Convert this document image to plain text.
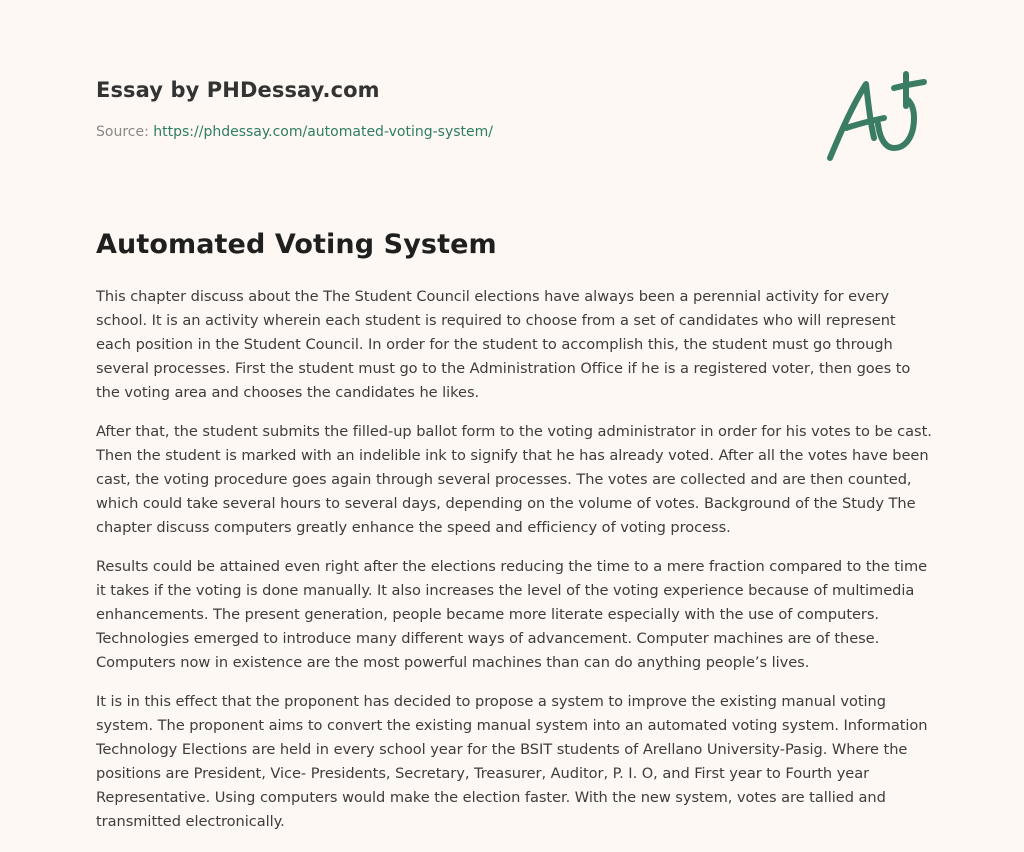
Essay by PHDessay.com
Source: https://phdessay.com/automated-voting-system/
Automated Voting System

This chapter discuss about the The Student Council elections have always been a perennial activity for every school. It is an activity wherein each student is required to choose from a set of candidates who will represent each position in the Student Council. In order for the student to accomplish this, the student must go through several processes. First the student must go to the Administration Office if he is a registered voter, then goes to the voting area and chooses the candidates he likes.

After that, the student submits the filled-up ballot form to the voting administrator in order for his votes to be cast. Then the student is marked with an indelible ink to signify that he has already voted. After all the votes have been cast, the voting procedure goes again through several processes. The votes are collected and are then counted, which could take several hours to several days, depending on the volume of votes. Background of the Study The chapter discuss computers greatly enhance the speed and efficiency of voting process.

Results could be attained even right after the elections reducing the time to a mere fraction compared to the time it takes if the voting is done manually. It also increases the level of the voting experience because of multimedia enhancements. The present generation, people became more literate especially with the use of computers. Technologies emerged to introduce many different ways of advancement. Computer machines are of these. Computers now in existence are the most powerful machines than can do anything people’s lives.

It is in this effect that the proponent has decided to propose a system to improve the existing manual voting system. The proponent aims to convert the existing manual system into an automated voting system. Information Technology Elections are held in every school year for the BSIT students of Arellano University-Pasig. Where the positions are President, Vice- Presidents, Secretary, Treasurer, Auditor, P. I. O, and First year to Fourth year Representative. Using computers would make the election faster. With the new system, votes are tallied and transmitted electronically.
